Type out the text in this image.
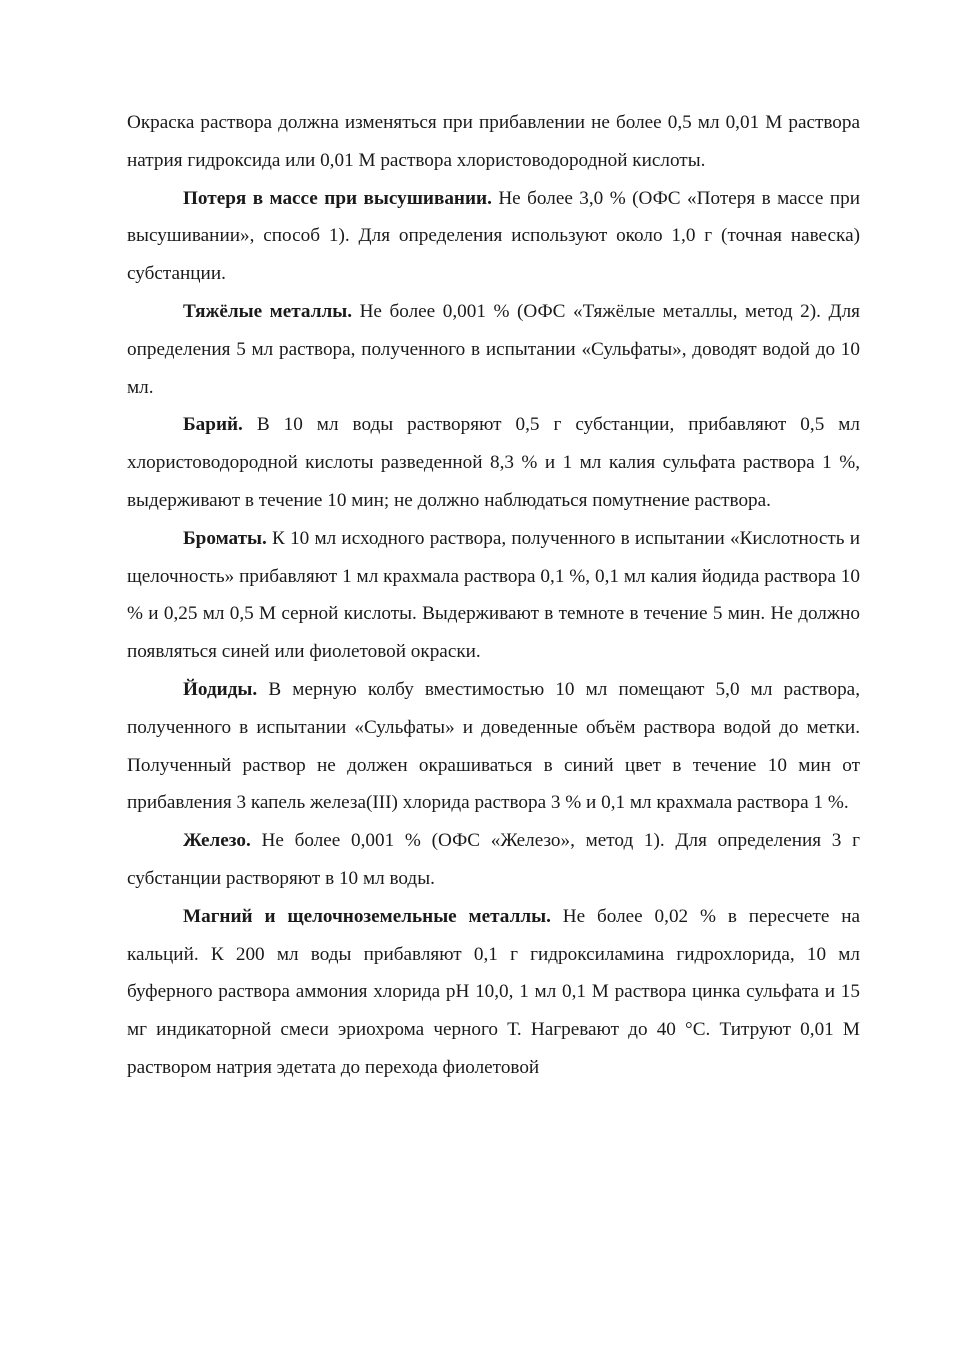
Окраска раствора должна изменяться при прибавлении не более 0,5 мл 0,01 М раствора натрия гидроксида или 0,01 М раствора хлористоводородной кислоты.

Потеря в массе при высушивании. Не более 3,0 % (ОФС «Потеря в массе при высушивании», способ 1). Для определения используют около 1,0 г (точная навеска) субстанции.

Тяжёлые металлы. Не более 0,001 % (ОФС «Тяжёлые металлы, метод 2). Для определения 5 мл раствора, полученного в испытании «Сульфаты», доводят водой до 10 мл.

Барий. В 10 мл воды растворяют 0,5 г субстанции, прибавляют 0,5 мл хлористоводородной кислоты разведенной 8,3 % и 1 мл калия сульфата раствора 1 %, выдерживают в течение 10 мин; не должно наблюдаться помутнение раствора.

Броматы. К 10 мл исходного раствора, полученного в испытании «Кислотность и щелочность» прибавляют 1 мл крахмала раствора 0,1 %, 0,1 мл калия йодида раствора 10 % и 0,25 мл 0,5 М серной кислоты. Выдерживают в темноте в течение 5 мин. Не должно появляться синей или фиолетовой окраски.

Йодиды. В мерную колбу вместимостью 10 мл помещают 5,0 мл раствора, полученного в испытании «Сульфаты» и доведенные объём раствора водой до метки. Полученный раствор не должен окрашиваться в синий цвет в течение 10 мин от прибавления 3 капель железа(III) хлорида раствора 3 % и 0,1 мл крахмала раствора 1 %.

Железо. Не более 0,001 % (ОФС «Железо», метод 1). Для определения 3 г субстанции растворяют в 10 мл воды.

Магний и щелочноземельные металлы. Не более 0,02 % в пересчете на кальций. К 200 мл воды прибавляют 0,1 г гидроксиламина гидрохлорида, 10 мл буферного раствора аммония хлорида pH 10,0, 1 мл 0,1 М раствора цинка сульфата и 15 мг индикаторной смеси эриохрома черного Т. Нагревают до 40 °С. Титруют 0,01 М раствором натрия эдетата до перехода фиолетовой
